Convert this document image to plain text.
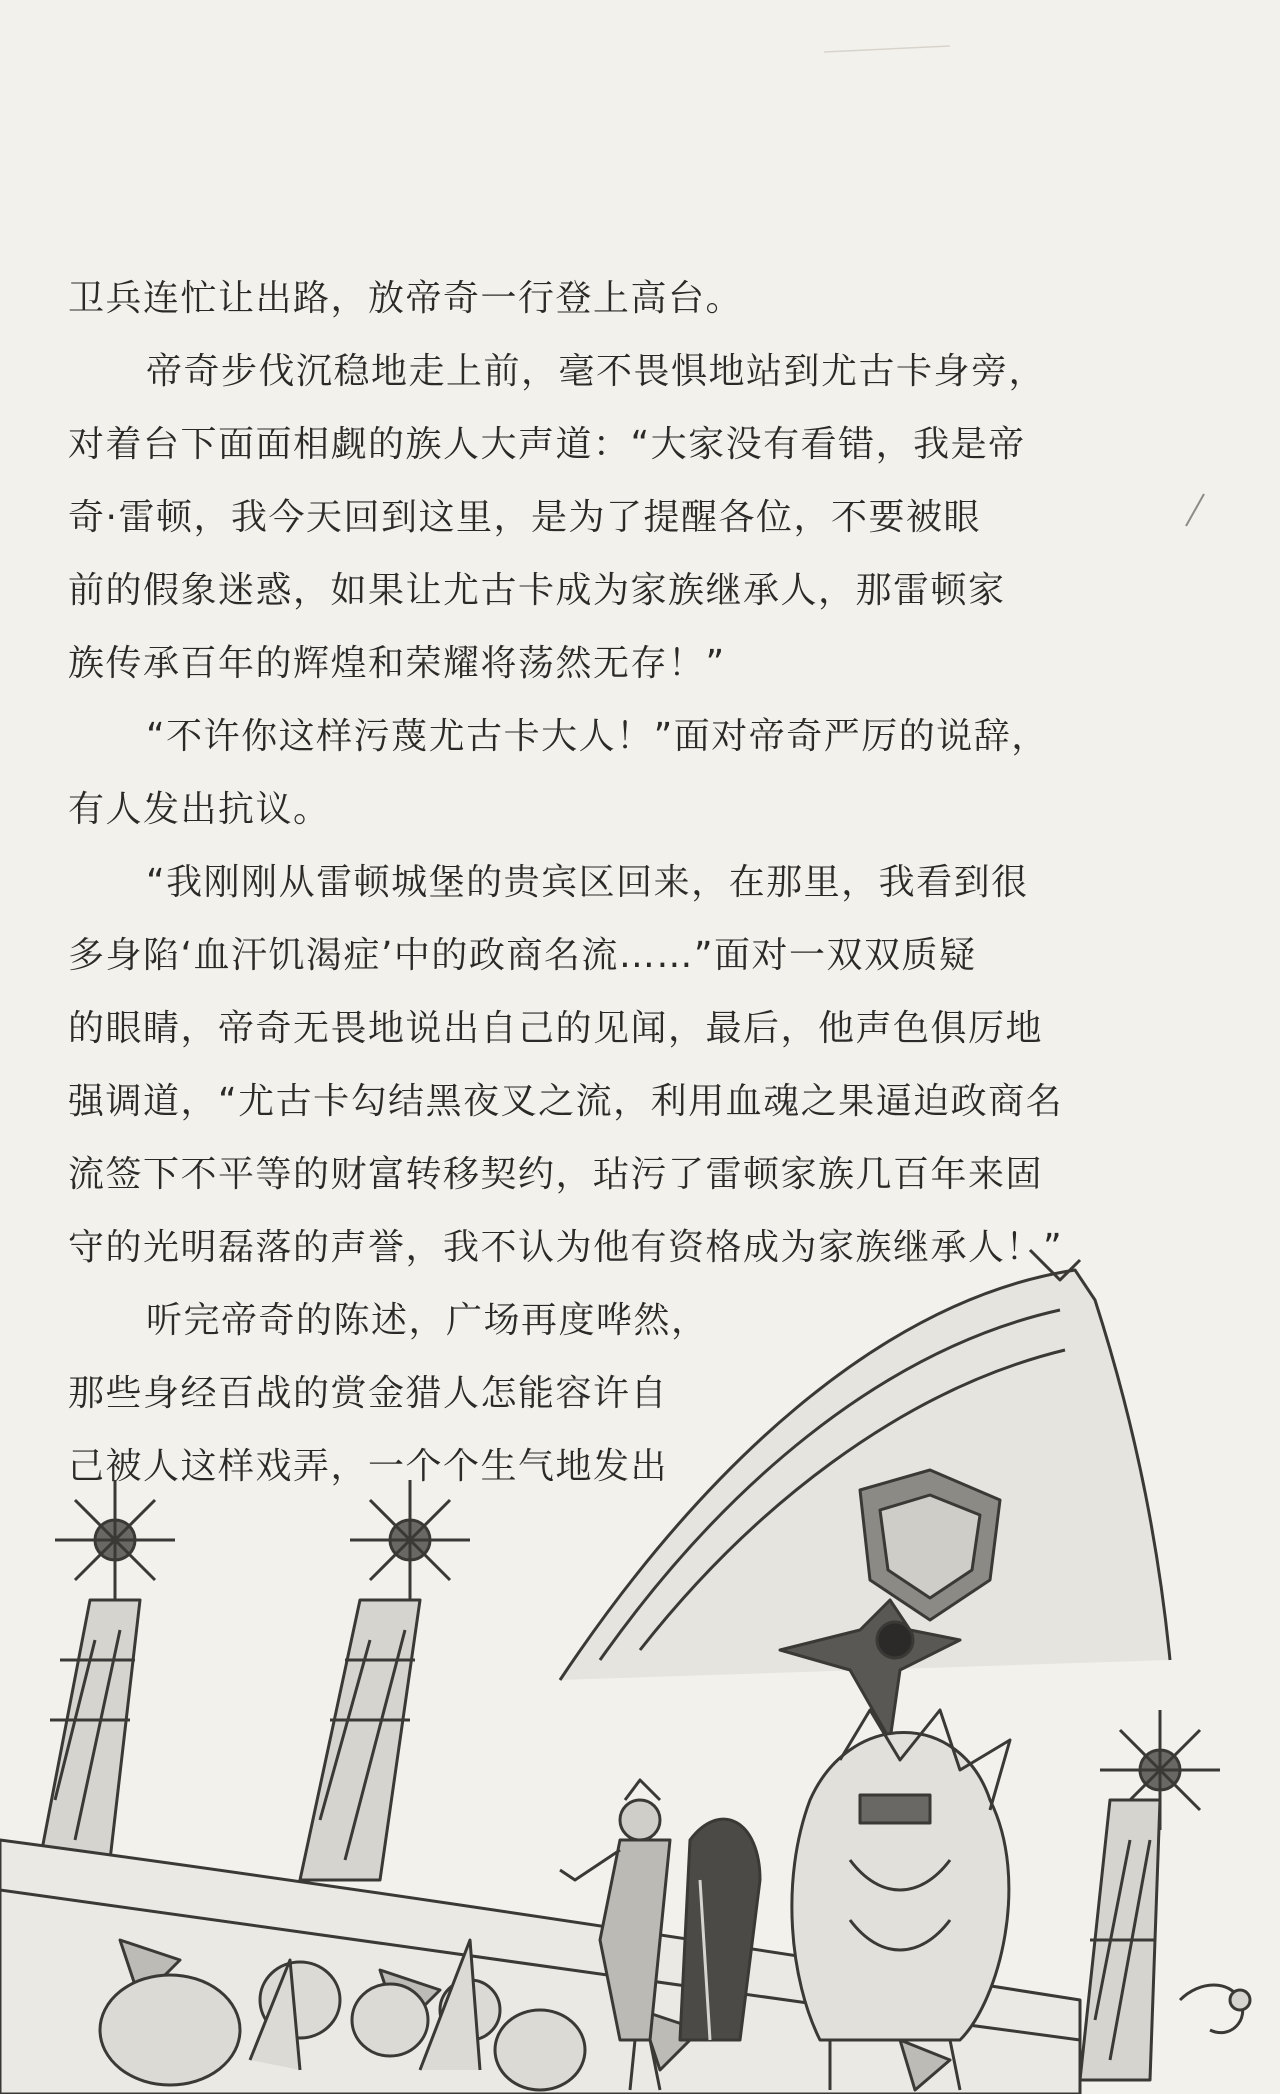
卫兵连忙让出路，放帝奇一行登上高台。

帝奇步伐沉稳地走上前，毫不畏惧地站到尤古卡身旁，
对着台下面面相觑的族人大声道：“大家没有看错，我是帝
奇·雷顿，我今天回到这里，是为了提醒各位，不要被眼
前的假象迷惑，如果让尤古卡成为家族继承人，那雷顿家
族传承百年的辉煌和荣耀将荡然无存！”

“不许你这样污蔑尤古卡大人！”面对帝奇严厉的说辞，
有人发出抗议。

“我刚刚从雷顿城堡的贵宾区回来，在那里，我看到很
多身陷‘血汗饥渴症’中的政商名流……”面对一双双质疑
的眼睛，帝奇无畏地说出自己的见闻，最后，他声色俱厉地
强调道，“尤古卡勾结黑夜叉之流，利用血魂之果逼迫政商名
流签下不平等的财富转移契约，玷污了雷顿家族几百年来固
守的光明磊落的声誉，我不认为他有资格成为家族继承人！”

听完帝奇的陈述，广场再度哗然，
那些身经百战的赏金猎人怎能容许自
己被人这样戏弄，一个个生气地发出
